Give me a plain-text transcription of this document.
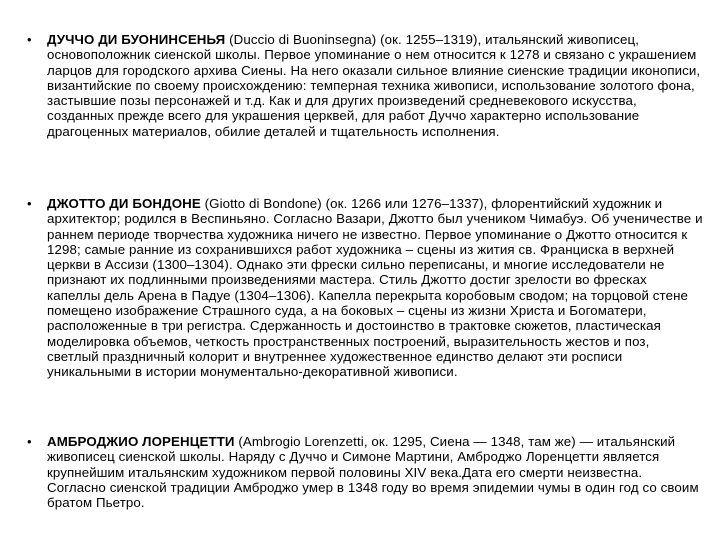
• ДУЧЧО ДИ БУОНИНСЕНЬЯ (Duccio di Buoninsegna) (ок. 1255–1319), итальянский живописец, основоположник сиенской школы. Первое упоминание о нем относится к 1278 и связано с украшением ларцов для городского архива Сиены. На него оказали сильное влияние сиенские традиции иконописи, византийские по своему происхождению: темперная техника живописи, использование золотого фона, застывшие позы персонажей и т.д. Как и для других произведений средневекового искусства, созданных прежде всего для украшения церквей, для работ Дуччо характерно использование драгоценных материалов, обилие деталей и тщательность исполнения.
• ДЖОТТО ДИ БОНДОНЕ (Giotto di Bondone) (ок. 1266 или 1276–1337), флорентийский художник и архитектор; родился в Веспиньяно. Согласно Вазари, Джотто был учеником Чимабуэ. Об ученичестве и раннем периоде творчества художника ничего не известно. Первое упоминание о Джотто относится к 1298; самые ранние из сохранившихся работ художника – сцены из жития св. Франциска в верхней церкви в Ассизи (1300–1304). Однако эти фрески сильно переписаны, и многие исследователи не признают их подлинными произведениями мастера. Стиль Джотто достиг зрелости во фресках капеллы дель Арена в Падуе (1304–1306). Капелла перекрыта коробовым сводом; на торцовой стене помещено изображение Страшного суда, а на боковых – сцены из жизни Христа и Богоматери, расположенные в три регистра. Сдержанность и достоинство в трактовке сюжетов, пластическая моделировка объемов, четкость пространственных построений, выразительность жестов и поз, светлый праздничный колорит и внутреннее художественное единство делают эти росписи уникальными в истории монументально-декоративной живописи.
• АМБРОДЖИО ЛОРЕНЦЕТТИ (Ambrogio Lorenzetti, ок. 1295, Сиена — 1348, там же) — итальянский живописец сиенской школы. Наряду с Дуччо и Симоне Мартини, Амброджо Лоренцетти является крупнейшим итальянским художником первой половины XIV века.Дата его смерти неизвестна. Согласно сиенской традиции Амброджо умер в 1348 году во время эпидемии чумы в один год со своим братом Пьетро.
